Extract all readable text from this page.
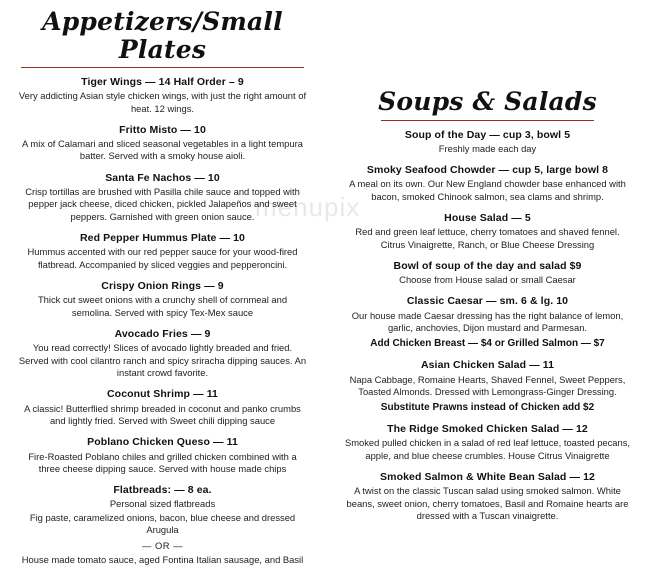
menupix
Appetizers/Small Plates
Tiger Wings — 14 Half Order – 9
Very addicting Asian style chicken wings, with just the right amount of heat. 12 wings.
Fritto Misto — 10
A mix of Calamari and sliced seasonal vegetables in a light tempura batter. Served with a smoky house aioli.
Santa Fe Nachos — 10
Crisp tortillas are brushed with Pasilla chile sauce and topped with pepper jack cheese, diced chicken, pickled Jalapeños and sweet peppers. Garnished with green onion sauce.
Red Pepper Hummus Plate — 10
Hummus accented with our red pepper sauce for your wood-fired flatbread. Accompanied by sliced veggies and pepperoncini.
Crispy Onion Rings — 9
Thick cut sweet onions with a crunchy shell of cornmeal and semolina. Served with spicy Tex-Mex sauce
Avocado Fries — 9
You read correctly! Slices of avocado lightly breaded and fried. Served with cool cilantro ranch and spicy sriracha dipping sauces. An instant crowd favorite.
Coconut Shrimp — 11
A classic! Butterflied shrimp breaded in coconut and panko crumbs and lightly fried. Served with Sweet chili dipping sauce
Poblano Chicken Queso — 11
Fire-Roasted Poblano chiles and grilled chicken combined with a three cheese dipping sauce. Served with house made chips
Flatbreads: — 8 ea.
Personal sized flatbreads
Fig paste, caramelized onions, bacon, blue cheese and dressed Arugula
— OR —
House made tomato sauce, aged Fontina Italian sausage, and Basil
Soups & Salads
Soup of the Day — cup 3, bowl 5
Freshly made each day
Smoky Seafood Chowder — cup 5, large bowl 8
A meal on its own. Our New England chowder base enhanced with bacon, smoked Chinook salmon, sea clams and shrimp.
House Salad — 5
Red and green leaf lettuce, cherry tomatoes and shaved fennel. Citrus Vinaigrette, Ranch, or Blue Cheese Dressing
Bowl of soup of the day and salad $9
Choose from House salad or small Caesar
Classic Caesar — sm. 6 & lg. 10
Our house made Caesar dressing has the right balance of lemon, garlic, anchovies, Dijon mustard and Parmesan.
Add Chicken Breast — $4 or Grilled Salmon — $7
Asian Chicken Salad — 11
Napa Cabbage, Romaine Hearts, Shaved Fennel, Sweet Peppers, Toasted Almonds. Dressed with Lemongrass-Ginger Dressing.
Substitute Prawns instead of Chicken add $2
The Ridge Smoked Chicken Salad — 12
Smoked pulled chicken in a salad of red leaf lettuce, toasted pecans, apple, and blue cheese crumbles. House Citrus Vinaigrette
Smoked Salmon & White Bean Salad — 12
A twist on the classic Tuscan salad using smoked salmon. White beans, sweet onion, cherry tomatoes, Basil and Romaine hearts are dressed with a Tuscan vinaigrette.
